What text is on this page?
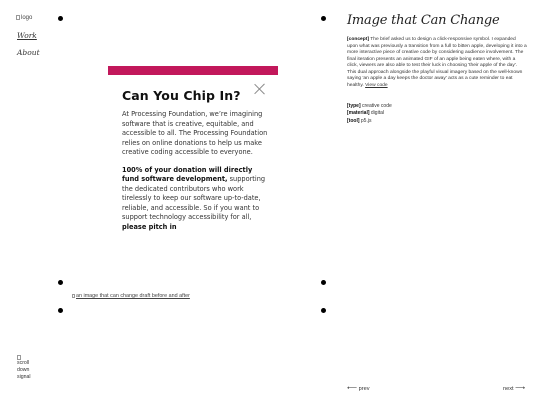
logo
Work
About
Can You Chip In?

At Processing Foundation, we’re imagining software that is creative, equitable, and accessible to all. The Processing Foundation relies on online donations to help us make creative coding accessible to everyone.

100% of your donation will directly fund software development, supporting the dedicated contributors who work tirelessly to keep our software up-to-date, reliable, and accessible. So if you want to support technology accessibility for all, please pitch in

an image that can change draft before and after
scroll down signal
Image that Can Change
[concept] The brief asked us to design a click-responsive symbol. I expanded upon what was previously a transition from a full to bitten apple, developing it into a more interactive piece of creative code by considering audience involvement. The final iteration presents an animated GIF of an apple being eaten where, with a click, viewers are also able to test their luck in choosing 'their apple of the day'. This dual approach alongside the playful visual imagery based on the well-known saying 'an apple a day keeps the doctor away' acts as a cute reminder to eat healthy. View code
[type] creative code
[material] digital
[tool] p5.js
⟵ prev	next ⟶
